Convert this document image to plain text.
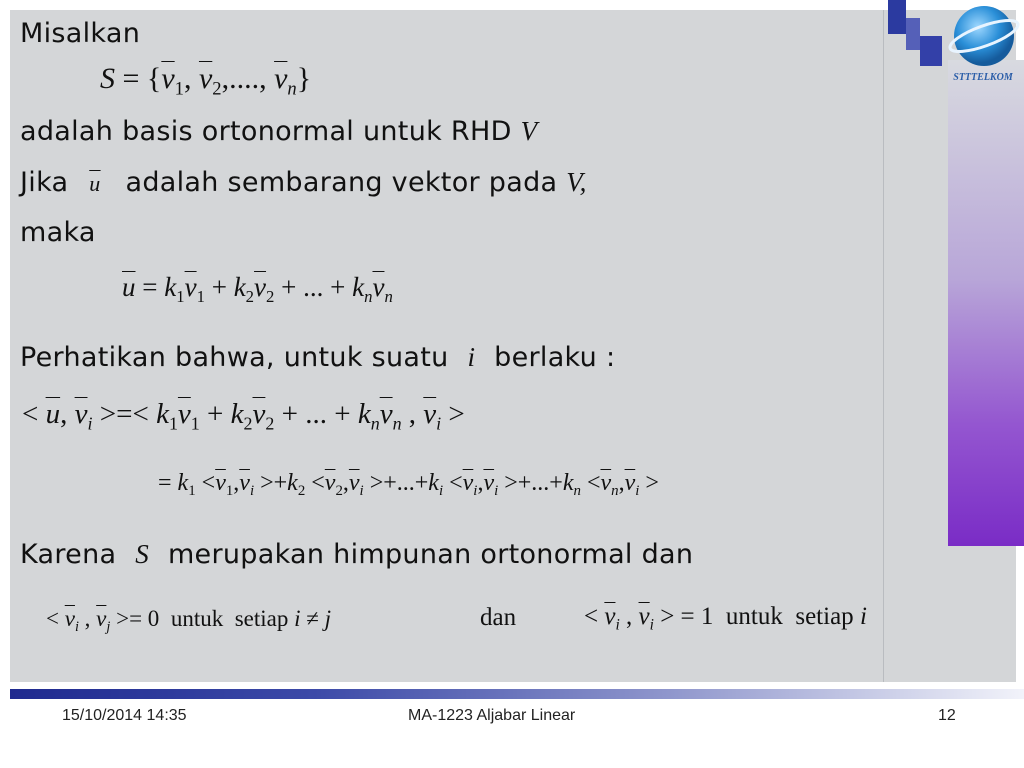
STTTELKOM
Misalkan
$S = \{\overline{v}_1$, $\overline{v}_2$,...., $\overline{v}_n$}
adalah basis ortonormal untuk RHD V
Jika $\overline{u}$ adalah sembarang vektor pada V,
maka
$\overline{u} = k_1\overline{v}_1 + k_2\overline{v}_2$ + ... + $k_n\overline{v}_n$
Perhatikan bahwa, untuk suatu i berlaku :
< $\overline{u}$, $\overline{v}_i$ >=< $k_1\overline{v}_1 + k_2\overline{v}_2$ + ... + $k_n\overline{v}_n$ , $\overline{v}_i$ >
= $k_1 <\overline{v}_1,\overline{v}_i >+k_2 <\overline{v}_2,\overline{v}_i >+...+k_i <\overline{v}_i,\overline{v}_i >+...+k_n <\overline{v}_n,\overline{v}_i$ >
Karena S merupakan himpunan ortonormal dan
< $\overline{v}_i$ , $\overline{v}_j >= 0$  untuk setiap i ≠ j	dan	< $\overline{v}_i$ , $\overline{v}_i$ > = 1  untuk setiap i
15/10/2014 14:35	MA-1223 Aljabar Linear	12
